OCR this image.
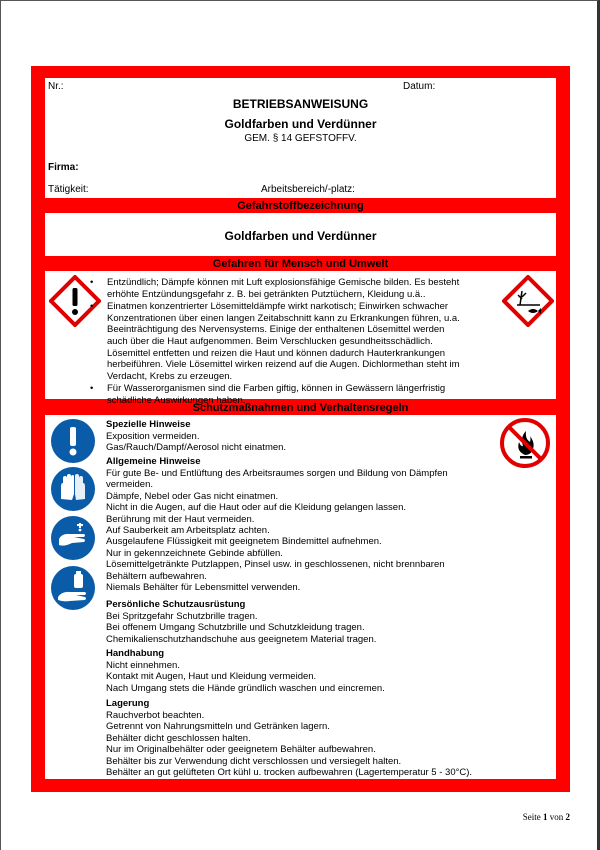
Nr.:	Datum:
BETRIEBSANWEISUNG
Goldfarben und Verdünner
GEM. § 14 GEFSTOFFV.
Firma:
Tätigkeit:	Arbeitsbereich/-platz:
Gefahrstoffbezeichnung
Goldfarben und Verdünner
Gefahren für Mensch und Umwelt
• Entzündlich; Dämpfe können mit Luft explosionsfähige Gemische bilden. Es besteht
erhöhte Entzündungsgefahr z. B. bei getränkten Putztüchern, Kleidung u.ä..
• Einatmen konzentrierter Lösemitteldämpfe wirkt narkotisch; Einwirken schwacher
Konzentrationen über einen langen Zeitabschnitt kann zu Erkrankungen führen, u.a.
Beeinträchtigung des Nervensystems. Einige der enthaltenen Lösemittel werden
auch über die Haut aufgenommen. Beim Verschlucken gesundheitsschädlich.
Lösemittel entfetten und reizen die Haut und können dadurch Hauterkrankungen
herbeiführen. Viele Lösemittel wirken reizend auf die Augen. Dichlormethan steht im
Verdacht, Krebs zu erzeugen.
• Für Wasserorganismen sind die Farben giftig, können in Gewässern längerfristig
schädliche Auswirkungen haben.
Schutzmaßnahmen und Verhaltensregeln
Spezielle Hinweise
Exposition vermeiden.
Gas/Rauch/Dampf/Aerosol nicht einatmen.
Allgemeine Hinweise
Für gute Be- und Entlüftung des Arbeitsraumes sorgen und Bildung von Dämpfen
vermeiden.
Dämpfe, Nebel oder Gas nicht einatmen.
Nicht in die Augen, auf die Haut oder auf die Kleidung gelangen lassen.
Berührung mit der Haut vermeiden.
Auf Sauberkeit am Arbeitsplatz achten.
Ausgelaufene Flüssigkeit mit geeignetem Bindemittel aufnehmen.
Nur in gekennzeichnete Gebinde abfüllen.
Lösemittelgetränkte Putzlappen, Pinsel usw. in geschlossenen, nicht brennbaren
Behältern aufbewahren.
Niemals Behälter für Lebensmittel verwenden.
Persönliche Schutzausrüstung
Bei Spritzgefahr Schutzbrille tragen.
Bei offenem Umgang Schutzbrille und Schutzkleidung tragen.
Chemikalienschutzhandschuhe aus geeignetem Material tragen.
Handhabung
Nicht einnehmen.
Kontakt mit Augen, Haut und Kleidung vermeiden.
Nach Umgang stets die Hände gründlich waschen und eincremen.
Lagerung
Rauchverbot beachten.
Getrennt von Nahrungsmitteln und Getränken lagern.
Behälter dicht geschlossen halten.
Nur im Originalbehälter oder geeignetem Behälter aufbewahren.
Behälter bis zur Verwendung dicht verschlossen und versiegelt halten.
Behälter an gut gelüfteten Ort kühl u. trocken aufbewahren (Lagertemperatur 5 - 30°C).
Seite 1 von 2
